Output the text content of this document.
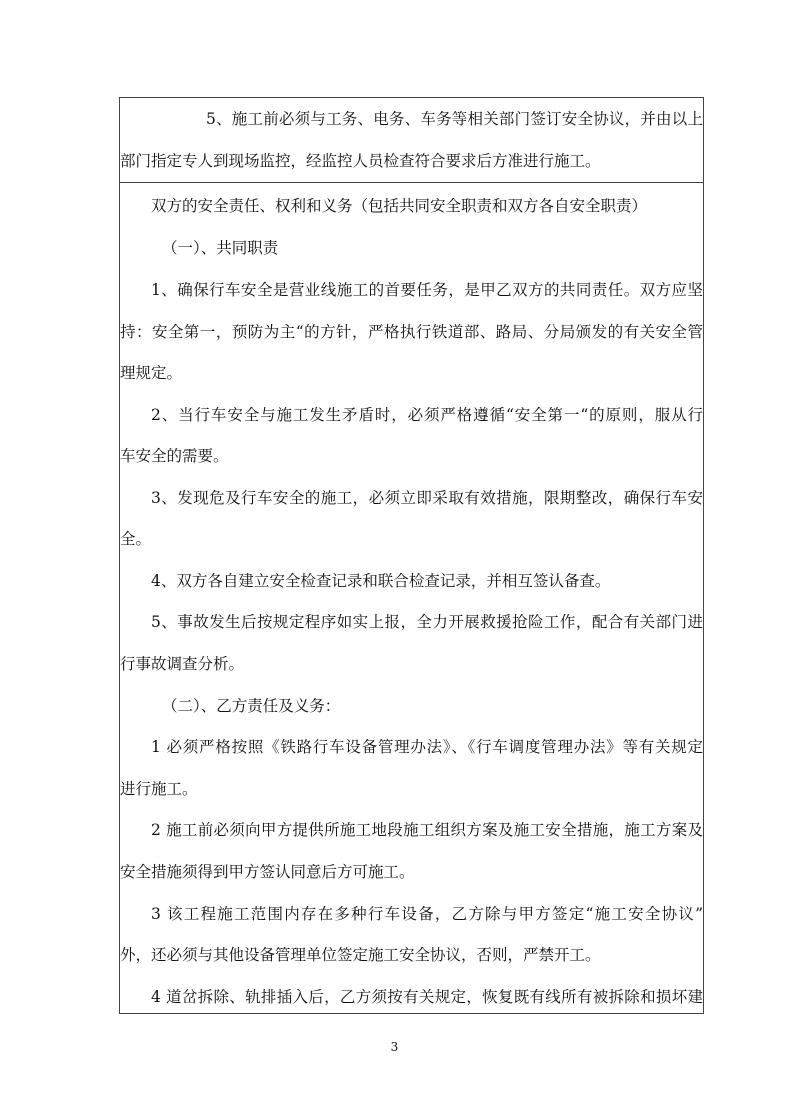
5、施工前必须与工务、电务、车务等相关部门签订安全协议，并由以上
部门指定专人到现场监控，经监控人员检查符合要求后方准进行施工。
双方的安全责任、权利和义务（包括共同安全职责和双方各自安全职责）
（一）、共同职责
1、确保行车安全是营业线施工的首要任务，是甲乙双方的共同责任。双方应坚
持：安全第一，预防为主“的方针，严格执行铁道部、路局、分局颁发的有关安全管
理规定。
2、当行车安全与施工发生矛盾时，必须严格遵循“安全第一“的原则，服从行
车安全的需要。
3、发现危及行车安全的施工，必须立即采取有效措施，限期整改，确保行车安
全。
4、双方各自建立安全检查记录和联合检查记录，并相互签认备查。
5、事故发生后按规定程序如实上报，全力开展救援抢险工作，配合有关部门进
行事故调查分析。
（二）、乙方责任及义务：
1 必须严格按照《铁路行车设备管理办法》、《行车调度管理办法》等有关规定
进行施工。
2 施工前必须向甲方提供所施工地段施工组织方案及施工安全措施，施工方案及
安全措施须得到甲方签认同意后方可施工。
3 该工程施工范围内存在多种行车设备，乙方除与甲方签定“施工安全协议”
外，还必须与其他设备管理单位签定施工安全协议，否则，严禁开工。
4 道岔拆除、轨排插入后，乙方须按有关规定，恢复既有线所有被拆除和损坏建
3
